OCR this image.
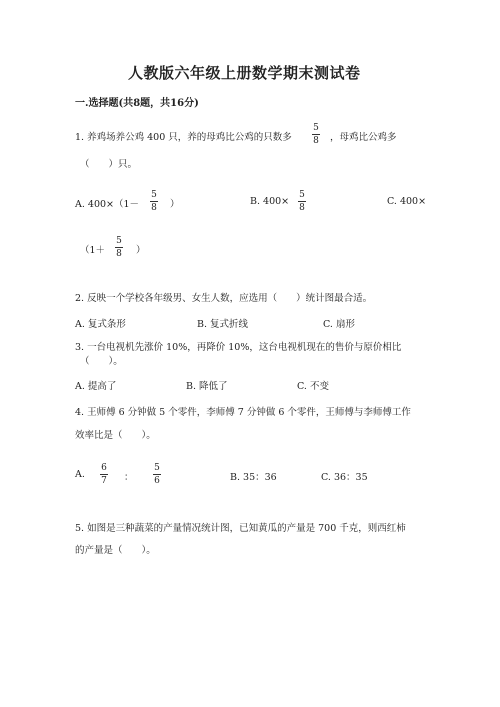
人教版六年级上册数学期末测试卷
一.选择题(共8题，共16分)
1. 养鸡场养公鸡 400 只，养的母鸡比公鸡的只数多
5
8 ，母鸡比公鸡多
（　　）只。
A. 400×（1－
5
8 ）	B. 400×
5
8
C. 400×
（1＋
5
8 ）
2. 反映一个学校各年级男、女生人数，应选用（　　）统计图最合适。
A. 复式条形	B. 复式折线	C. 扇形
3. 一台电视机先涨价 10%，再降价 10%，这台电视机现在的售价与原价相比
（　　）。
A. 提高了	B. 降低了	C. 不变
4. 王师傅 6 分钟做 5 个零件，李师傅 7 分钟做 6 个零件，王师傅与李师傅工作
效率比是（　　）。
A.
6
7 ：
5
6	B. 35：36	C. 36：35
5. 如图是三种蔬菜的产量情况统计图，已知黄瓜的产量是 700 千克，则西红柿
的产量是（　　）。
